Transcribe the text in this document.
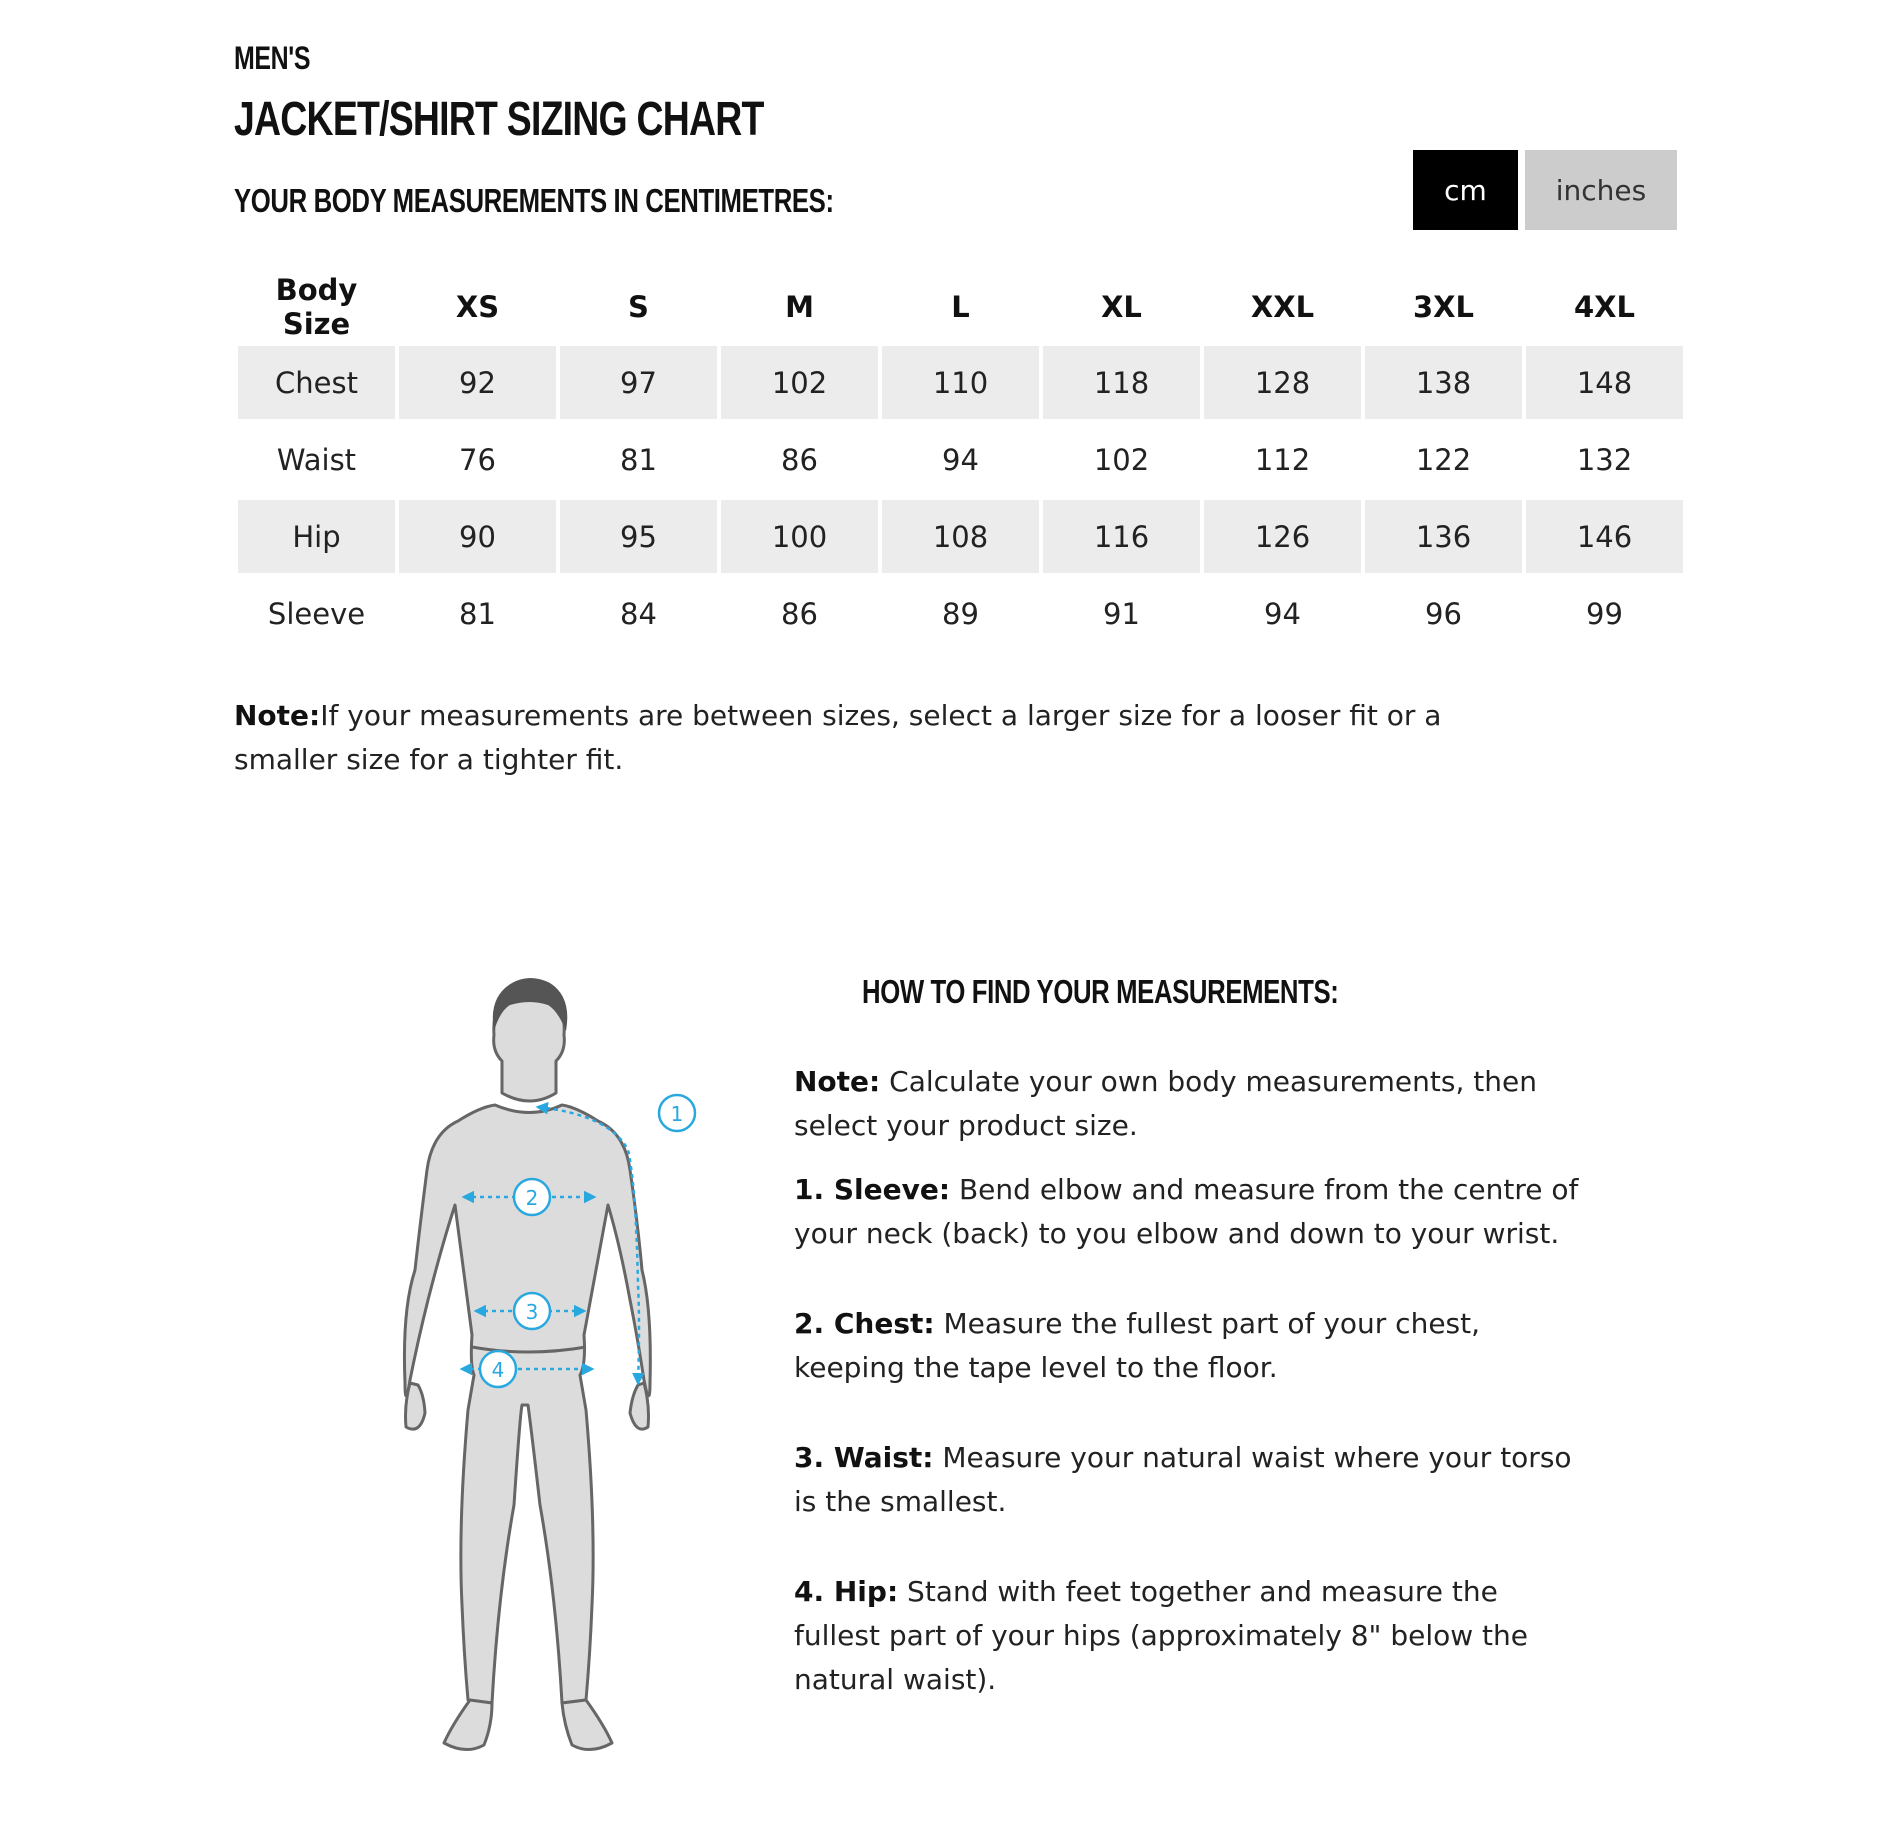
MEN'S
JACKET/SHIRT SIZING CHART
YOUR BODY MEASUREMENTS IN CENTIMETRES:	cm	inches
Body Size	XS	S	M	L	XL	XXL	3XL	4XL
Chest	92	97	102	110	118	128	138	148
Waist	76	81	86	94	102	112	122	132
Hip	90	95	100	108	116	126	136	146
Sleeve	81	84	86	89	91	94	96	99
Note:If your measurements are between sizes, select a larger size for a looser fit or a smaller size for a tighter fit.
1
2
3
4
HOW TO FIND YOUR MEASUREMENTS:

Note: Calculate your own body measurements, then select your product size.

1. Sleeve: Bend elbow and measure from the centre of your neck (back) to you elbow and down to your wrist.

2. Chest: Measure the fullest part of your chest, keeping the tape level to the floor.

3. Waist: Measure your natural waist where your torso is the smallest.

4. Hip: Stand with feet together and measure the fullest part of your hips (approximately 8" below the natural waist).
